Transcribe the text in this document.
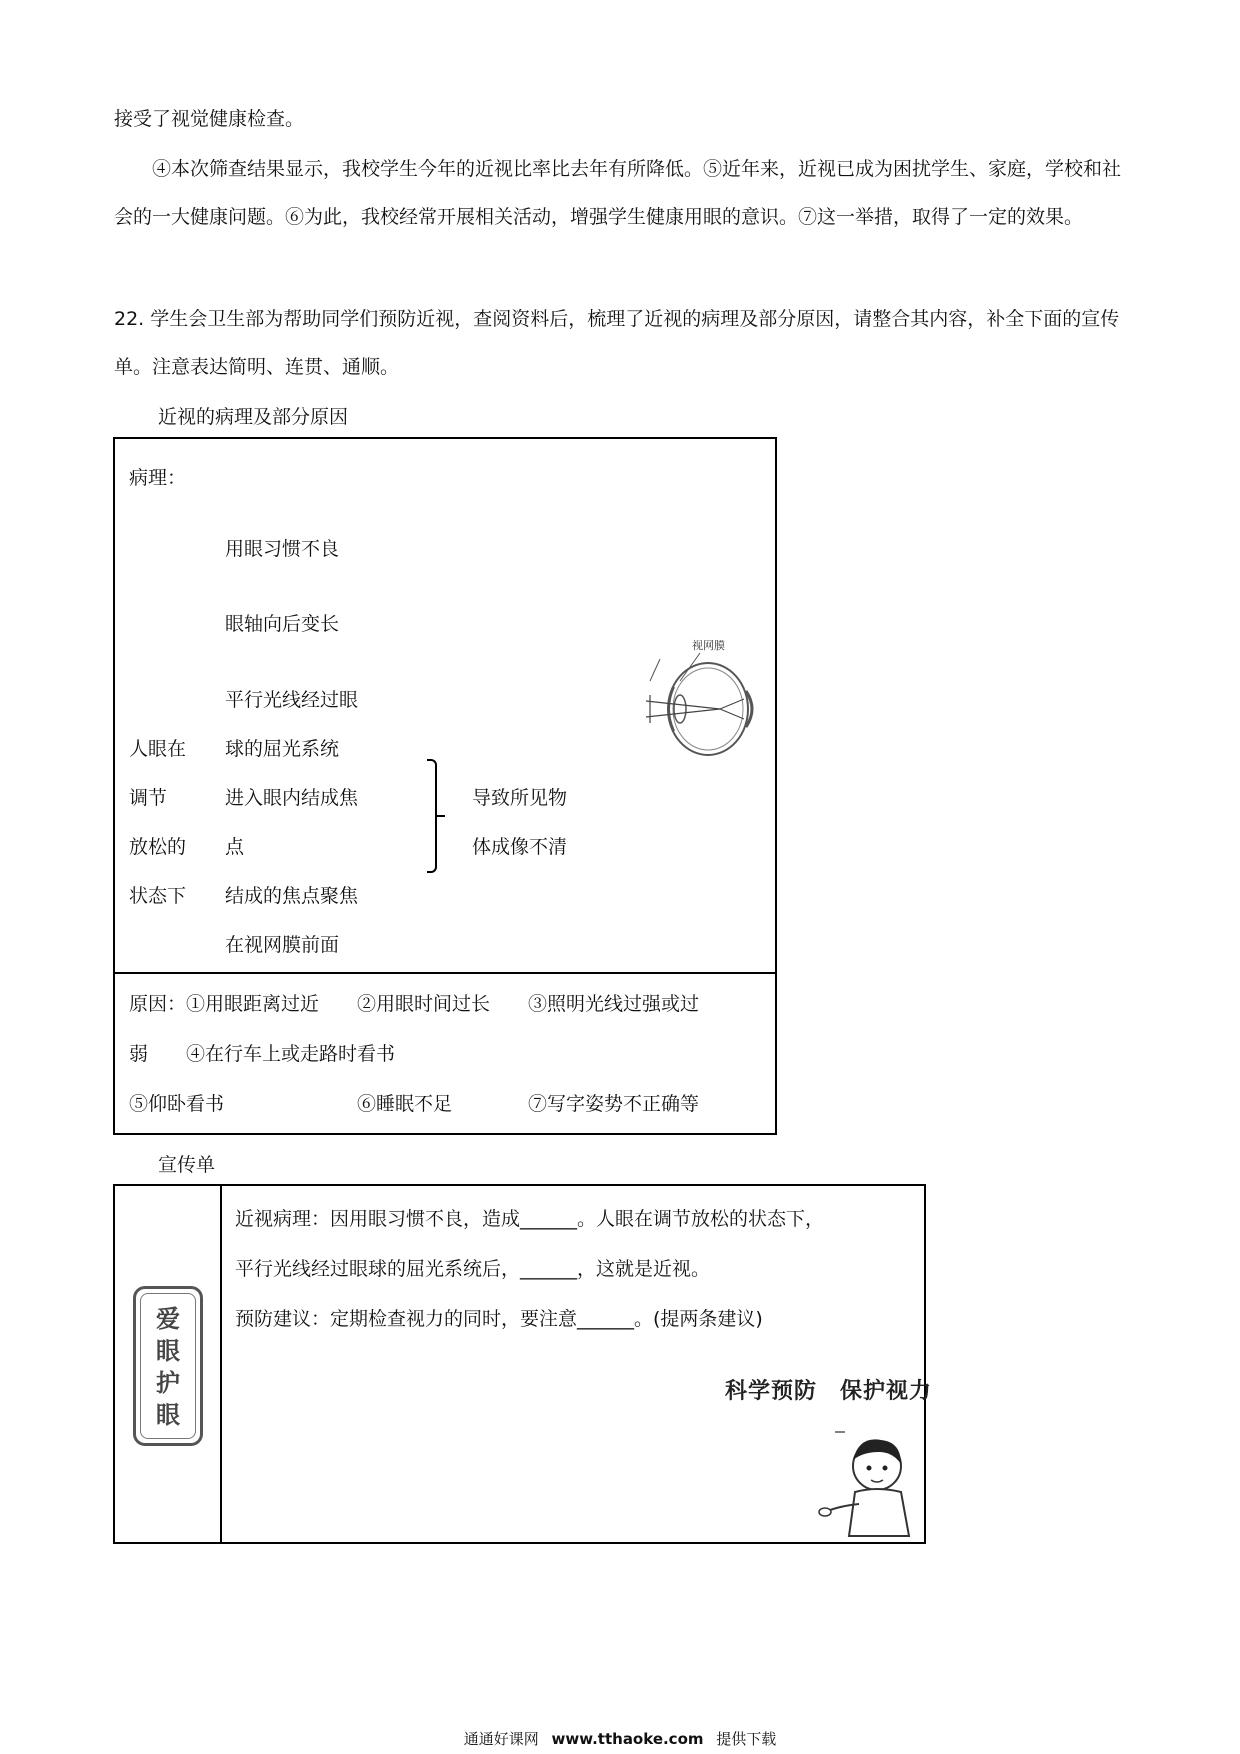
接受了视觉健康检查。
④本次筛查结果显示，我校学生今年的近视比率比去年有所降低。⑤近年来，近视已成为困扰学生、家庭，学校和社会的一大健康问题。⑥为此，我校经常开展相关活动，增强学生健康用眼的意识。⑦这一举措，取得了一定的效果。
22. 学生会卫生部为帮助同学们预防近视，查阅资料后，梳理了近视的病理及部分原因，请整合其内容，补全下面的宣传单。注意表达简明、连贯、通顺。
近视的病理及部分原因
病理：
用眼习惯不良
眼轴向后变长
平行光线经过眼
球的屈光系统
进入眼内结成焦
点
结成的焦点聚焦
在视网膜前面
人眼在
调节
放松的
状态下
导致所见物
体成像不清
视网膜
原因：①用眼距离过近　　②用眼时间过长　　③照明光线过强或过
弱　　④在行车上或走路时看书
⑤仰卧看书　　　　　　　⑥睡眠不足　　　　⑦写字姿势不正确等
宣传单
爱
眼
护
眼
近视病理：因用眼习惯不良，造成______。人眼在调节放松的状态下，
平行光线经过眼球的屈光系统后，______，这就是近视。
预防建议：定期检查视力的同时，要注意______。(提两条建议)
科学预防　保护视力
通通好课网 www.tthaoke.com 提供下载
